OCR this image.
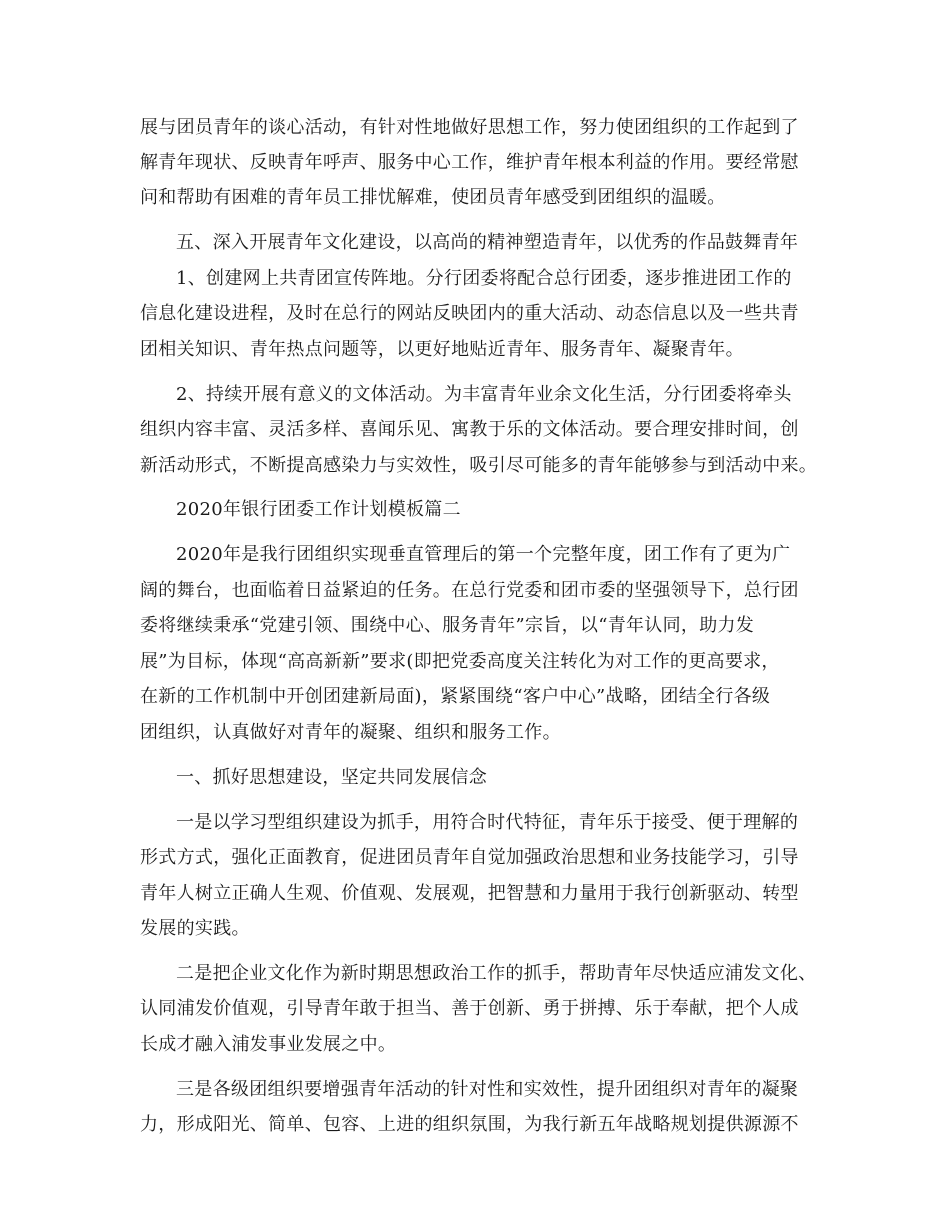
展与团员青年的谈心活动，有针对性地做好思想工作，努力使团组织的工作起到了
解青年现状、反映青年呼声、服务中心工作，维护青年根本利益的作用。要经常慰
问和帮助有困难的青年员工排忧解难，使团员青年感受到团组织的温暖。
五、深入开展青年文化建设，以高尚的精神塑造青年，以优秀的作品鼓舞青年
1、创建网上共青团宣传阵地。分行团委将配合总行团委，逐步推进团工作的
信息化建设进程，及时在总行的网站反映团内的重大活动、动态信息以及一些共青
团相关知识、青年热点问题等，以更好地贴近青年、服务青年、凝聚青年。
2、持续开展有意义的文体活动。为丰富青年业余文化生活，分行团委将牵头
组织内容丰富、灵活多样、喜闻乐见、寓教于乐的文体活动。要合理安排时间，创
新活动形式，不断提高感染力与实效性，吸引尽可能多的青年能够参与到活动中来。
2020年银行团委工作计划模板篇二
2020年是我行团组织实现垂直管理后的第一个完整年度，团工作有了更为广
阔的舞台，也面临着日益紧迫的任务。在总行党委和团市委的坚强领导下，总行团
委将继续秉承“党建引领、围绕中心、服务青年”宗旨，以“青年认同，助力发
展”为目标，体现“高高新新”要求(即把党委高度关注转化为对工作的更高要求，
在新的工作机制中开创团建新局面)，紧紧围绕“客户中心”战略，团结全行各级
团组织，认真做好对青年的凝聚、组织和服务工作。
一、抓好思想建设，坚定共同发展信念
一是以学习型组织建设为抓手，用符合时代特征，青年乐于接受、便于理解的
形式方式，强化正面教育，促进团员青年自觉加强政治思想和业务技能学习，引导
青年人树立正确人生观、价值观、发展观，把智慧和力量用于我行创新驱动、转型
发展的实践。
二是把企业文化作为新时期思想政治工作的抓手，帮助青年尽快适应浦发文化、
认同浦发价值观，引导青年敢于担当、善于创新、勇于拼搏、乐于奉献，把个人成
长成才融入浦发事业发展之中。
三是各级团组织要增强青年活动的针对性和实效性，提升团组织对青年的凝聚
力，形成阳光、简单、包容、上进的组织氛围，为我行新五年战略规划提供源源不
